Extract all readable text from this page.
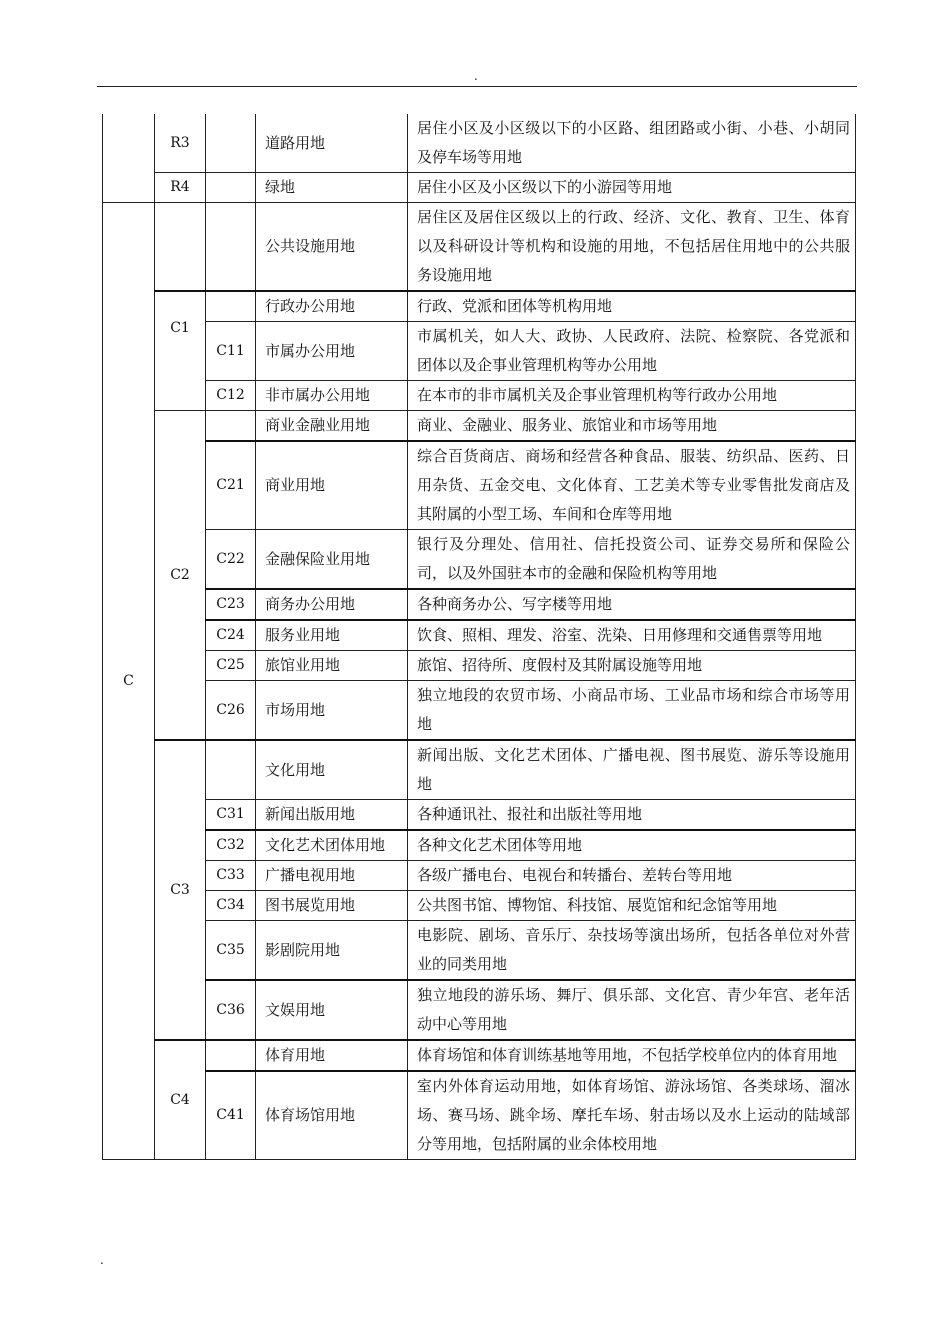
.
	R3		道路用地	居住小区及小区级以下的小区路、组团路或小街、小巷、小胡同及停车场等用地
	R4		绿地	居住小区及小区级以下的小游园等用地
C			公共设施用地	居住区及居住区级以上的行政、经济、文化、教育、卫生、体育以及科研设计等机构和设施的用地，不包括居住用地中的公共服务设施用地
	C1		行政办公用地	行政、党派和团体等机构用地
		C11	市属办公用地	市属机关，如人大、政协、人民政府、法院、检察院、各党派和团体以及企事业管理机构等办公用地
		C12	非市属办公用地	在本市的非市属机关及企事业管理机构等行政办公用地
	C2		商业金融业用地	商业、金融业、服务业、旅馆业和市场等用地
		C21	商业用地	综合百货商店、商场和经营各种食品、服装、纺织品、医药、日用杂货、五金交电、文化体育、工艺美术等专业零售批发商店及其附属的小型工场、车间和仓库等用地
		C22	金融保险业用地	银行及分理处、信用社、信托投资公司、证券交易所和保险公司，以及外国驻本市的金融和保险机构等用地
		C23	商务办公用地	各种商务办公、写字楼等用地
		C24	服务业用地	饮食、照相、理发、浴室、洗染、日用修理和交通售票等用地
		C25	旅馆业用地	旅馆、招待所、度假村及其附属设施等用地
		C26	市场用地	独立地段的农贸市场、小商品市场、工业品市场和综合市场等用地
	C3		文化用地	新闻出版、文化艺术团体、广播电视、图书展览、游乐等设施用地
		C31	新闻出版用地	各种通讯社、报社和出版社等用地
		C32	文化艺术团体用地	各种文化艺术团体等用地
		C33	广播电视用地	各级广播电台、电视台和转播台、差转台等用地
		C34	图书展览用地	公共图书馆、博物馆、科技馆、展览馆和纪念馆等用地
		C35	影剧院用地	电影院、剧场、音乐厅、杂技场等演出场所，包括各单位对外营业的同类用地
		C36	文娱用地	独立地段的游乐场、舞厅、俱乐部、文化宫、青少年宫、老年活动中心等用地
	C4		体育用地	体育场馆和体育训练基地等用地，不包括学校单位内的体育用地
		C41	体育场馆用地	室内外体育运动用地，如体育场馆、游泳场馆、各类球场、溜冰场、赛马场、跳伞场、摩托车场、射击场以及水上运动的陆域部分等用地，包括附属的业余体校用地
.
